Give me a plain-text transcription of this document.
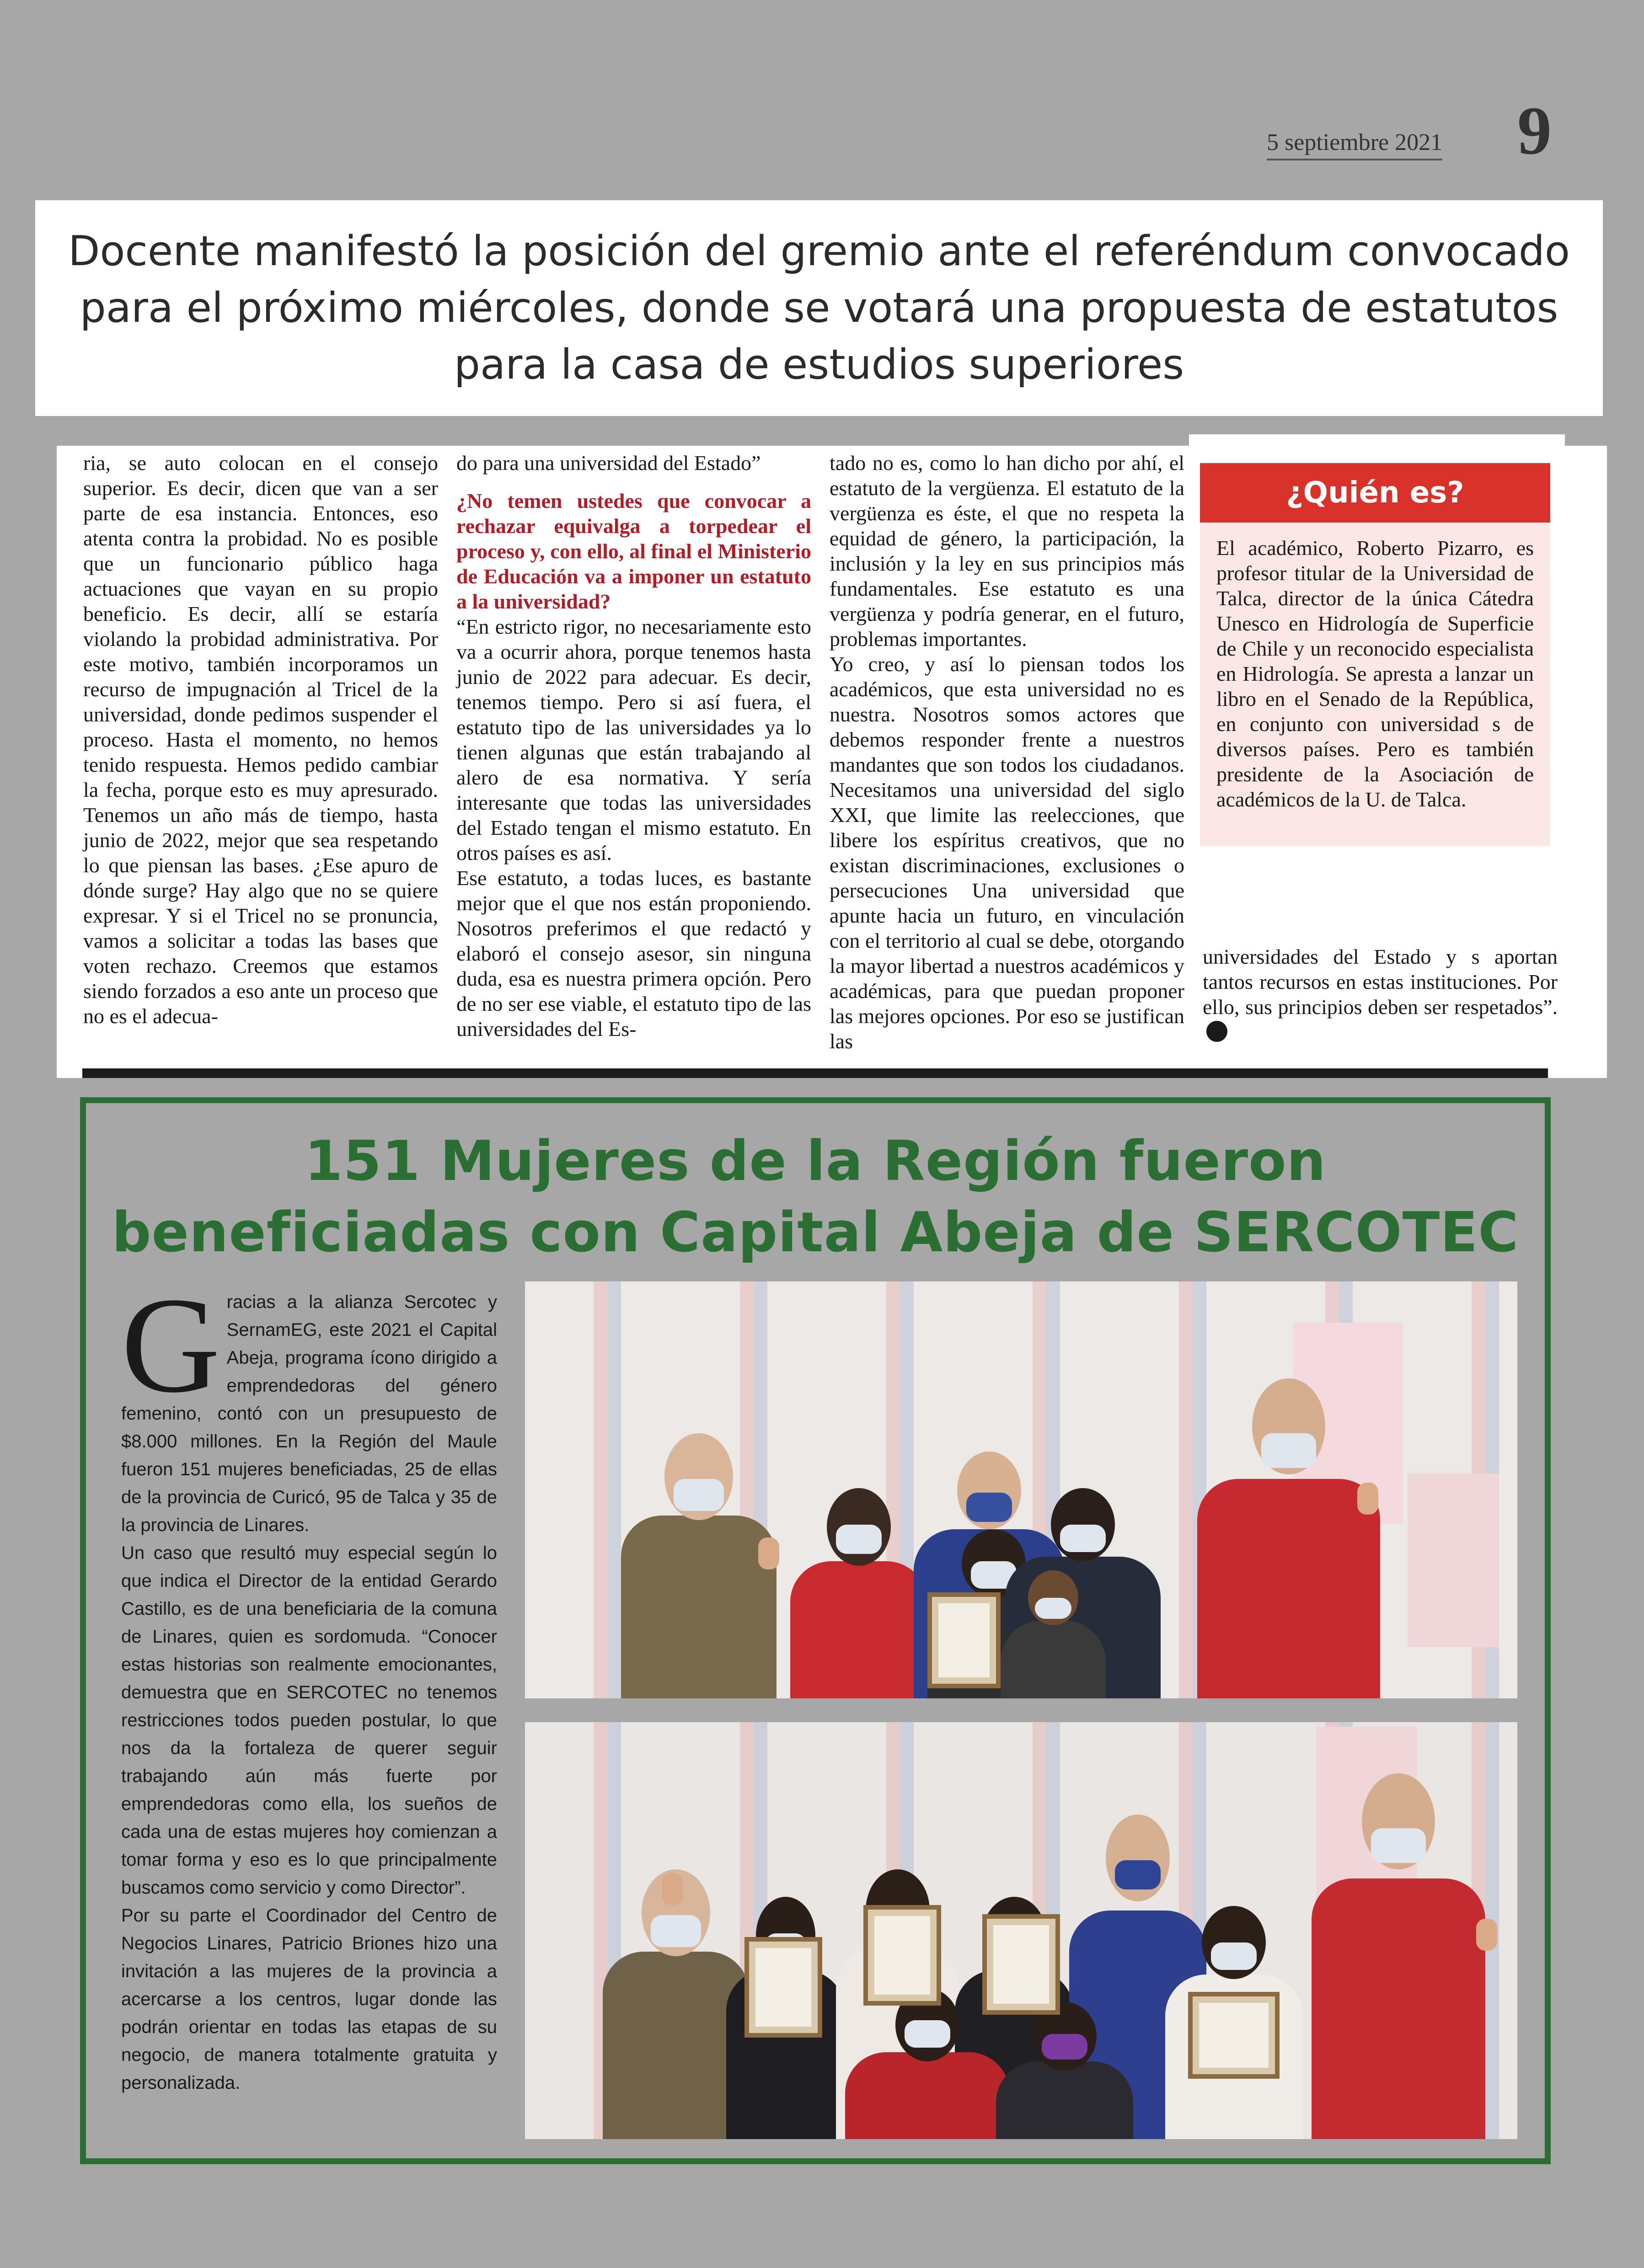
5 septiembre 2021 9
Docente manifestó la posición del gremio ante el referéndum convocado para el próximo miércoles, donde se votará una propuesta de estatutos para la casa de estudios superiores

ria, se auto colocan en el consejo superior. Es decir, dicen que van a ser parte de esa instancia. Entonces, eso atenta contra la probidad. No es posible que un funcionario público haga actuaciones que vayan en su propio beneficio. Es decir, allí se estaría violando la probidad administrativa. Por este motivo, también incorporamos un recurso de impugnación al Tricel de la universidad, donde pedimos suspender el proceso. Hasta el momento, no hemos tenido respuesta. Hemos pedido cambiar la fecha, porque esto es muy apresurado. Tenemos un año más de tiempo, hasta junio de 2022, mejor que sea respetando lo que piensan las bases. ¿Ese apuro de dónde surge? Hay algo que no se quiere expresar. Y si el Tricel no se pronuncia, vamos a solicitar a todas las bases que voten rechazo. Creemos que estamos siendo forzados a eso ante un proceso que no es el adecua-

do para una universidad del Estado”

¿No temen ustedes que convocar a rechazar equivalga a torpedear el proceso y, con ello, al final el Ministerio de Educación va a imponer un estatuto a la universidad?

“En estricto rigor, no necesariamente esto va a ocurrir ahora, porque tenemos hasta junio de 2022 para adecuar. Es decir, tenemos tiempo. Pero si así fuera, el estatuto tipo de las universidades ya lo tienen algunas que están trabajando al alero de esa normativa. Y sería interesante que todas las universidades del Estado tengan el mismo estatuto. En otros países es así.

Ese estatuto, a todas luces, es bastante mejor que el que nos están proponiendo. Nosotros preferimos el que redactó y elaboró el consejo asesor, sin ninguna duda, esa es nuestra primera opción. Pero de no ser ese viable, el estatuto tipo de las universidades del Es-

tado no es, como lo han dicho por ahí, el estatuto de la vergüenza. El estatuto de la vergüenza es éste, el que no respeta la equidad de género, la participación, la inclusión y la ley en sus principios más fundamentales. Ese estatuto es una vergüenza y podría generar, en el futuro, problemas importantes.

Yo creo, y así lo piensan todos los académicos, que esta universidad no es nuestra. Nosotros somos actores que debemos responder frente a nuestros mandantes que son todos los ciudadanos. Necesitamos una universidad del siglo XXI, que limite las reelecciones, que libere los espíritus creativos, que no existan discriminaciones, exclusiones o persecuciones Una universidad que apunte hacia un futuro, en vinculación con el territorio al cual se debe, otorgando la mayor libertad a nuestros académicos y académicas, para que puedan proponer las mejores opciones. Por eso se justifican las

universidades del Estado y s aportan tantos recursos en estas instituciones. Por ello, sus principios deben ser respetados”.

¿Quién es?
El académico, Roberto Pizarro, es profesor titular de la Universidad de Talca, director de la única Cátedra Unesco en Hidrología de Superficie de Chile y un reconocido especialista en Hidrología. Se apresta a lanzar un libro en el Senado de la República, en conjunto con universidad s de diversos países. Pero es también presidente de la Asociación de académicos de la U. de Talca.
151 Mujeres de la Región fueron
beneficiadas con Capital Abeja de SERCOTEC

Gracias a la alianza Sercotec y SernamEG, este 2021 el Capital Abeja, programa ícono dirigido a emprendedoras del género femenino, contó con un presupuesto de $8.000 millones. En la Región del Maule fueron 151 mujeres beneficiadas, 25 de ellas de la provincia de Curicó, 95 de Talca y 35 de la provincia de Linares.

Un caso que resultó muy especial según lo que indica el Director de la entidad Gerardo Castillo, es de una beneficiaria de la comuna de Linares, quien es sordomuda. “Conocer estas historias son realmente emocionantes, demuestra que en SERCOTEC no tenemos restricciones todos pueden postular, lo que nos da la fortaleza de querer seguir trabajando aún más fuerte por emprendedoras como ella, los sueños de cada una de estas mujeres hoy comienzan a tomar forma y eso es lo que principalmente buscamos como servicio y como Director”.

Por su parte el Coordinador del Centro de Negocios Linares, Patricio Briones hizo una invitación a las mujeres de la provincia a acercarse a los centros, lugar donde las podrán orientar en todas las etapas de su negocio, de manera totalmente gratuita y personalizada.
